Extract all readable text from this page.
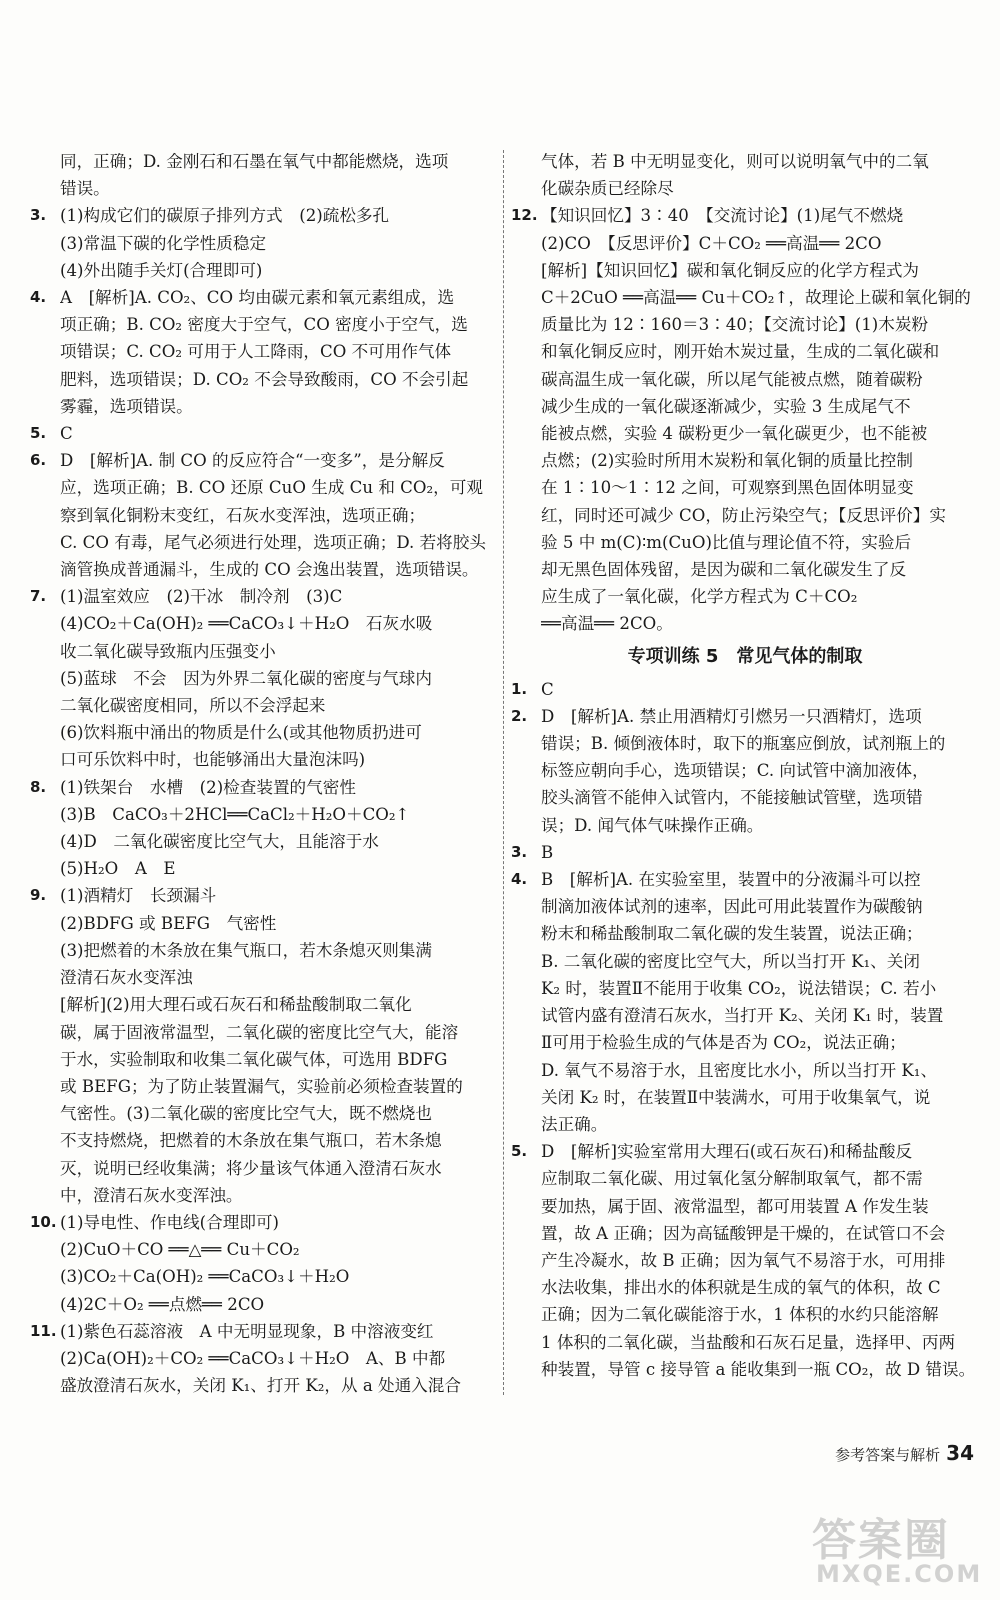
同，正确；D. 金刚石和石墨在氧气中都能燃烧，选项
错误。
3. (1)构成它们的碳原子排列方式　(2)疏松多孔
(3)常温下碳的化学性质稳定
(4)外出随手关灯(合理即可)
4. A　[解析]A. CO₂、CO 均由碳元素和氧元素组成，选
项正确；B. CO₂ 密度大于空气，CO 密度小于空气，选
项错误；C. CO₂ 可用于人工降雨，CO 不可用作气体
肥料，选项错误；D. CO₂ 不会导致酸雨，CO 不会引起
雾霾，选项错误。
5. C
6. D　[解析]A. 制 CO 的反应符合“一变多”，是分解反
应，选项正确；B. CO 还原 CuO 生成 Cu 和 CO₂，可观
察到氧化铜粉末变红，石灰水变浑浊，选项正确；
C. CO 有毒，尾气必须进行处理，选项正确；D. 若将胶头
滴管换成普通漏斗，生成的 CO 会逸出装置，选项错误。
7. (1)温室效应　(2)干冰　制冷剂　(3)C
(4)CO₂＋Ca(OH)₂ ══CaCO₃↓＋H₂O　石灰水吸
收二氧化碳导致瓶内压强变小
(5)蓝球　不会　因为外界二氧化碳的密度与气球内
二氧化碳密度相同，所以不会浮起来
(6)饮料瓶中涌出的物质是什么(或其他物质扔进可
口可乐饮料中时，也能够涌出大量泡沫吗)
8. (1)铁架台　水槽　(2)检查装置的气密性
(3)B　CaCO₃＋2HCl══CaCl₂＋H₂O＋CO₂↑
(4)D　二氧化碳密度比空气大，且能溶于水
(5)H₂O　A　E
9. (1)酒精灯　长颈漏斗
(2)BDFG 或 BEFG　气密性
(3)把燃着的木条放在集气瓶口，若木条熄灭则集满
澄清石灰水变浑浊
[解析](2)用大理石或石灰石和稀盐酸制取二氧化
碳，属于固液常温型，二氧化碳的密度比空气大，能溶
于水，实验制取和收集二氧化碳气体，可选用 BDFG
或 BEFG；为了防止装置漏气，实验前必须检查装置的
气密性。(3)二氧化碳的密度比空气大，既不燃烧也
不支持燃烧，把燃着的木条放在集气瓶口，若木条熄
灭，说明已经收集满；将少量该气体通入澄清石灰水
中，澄清石灰水变浑浊。
10. (1)导电性、作电线(合理即可)
(2)CuO＋CO ══△══ Cu＋CO₂
(3)CO₂＋Ca(OH)₂ ══CaCO₃↓＋H₂O
(4)2C＋O₂ ══点燃══ 2CO
11. (1)紫色石蕊溶液　A 中无明显现象，B 中溶液变红
(2)Ca(OH)₂＋CO₂ ══CaCO₃↓＋H₂O　A、B 中都
盛放澄清石灰水，关闭 K₁、打开 K₂，从 a 处通入混合
气体，若 B 中无明显变化，则可以说明氧气中的二氧
化碳杂质已经除尽
12. 【知识回忆】3∶40　【交流讨论】(1)尾气不燃烧
(2)CO　【反思评价】C＋CO₂ ══高温══ 2CO
[解析]【知识回忆】碳和氧化铜反应的化学方程式为
C＋2CuO ══高温══ Cu＋CO₂↑，故理论上碳和氧化铜的
质量比为 12∶160＝3∶40；【交流讨论】(1)木炭粉
和氧化铜反应时，刚开始木炭过量，生成的二氧化碳和
碳高温生成一氧化碳，所以尾气能被点燃，随着碳粉
减少生成的一氧化碳逐渐减少，实验 3 生成尾气不
能被点燃，实验 4 碳粉更少一氧化碳更少，也不能被
点燃；(2)实验时所用木炭粉和氧化铜的质量比控制
在 1∶10～1∶12 之间，可观察到黑色固体明显变
红，同时还可减少 CO，防止污染空气；【反思评价】实
验 5 中 m(C)∶m(CuO)比值与理论值不符，实验后
却无黑色固体残留，是因为碳和二氧化碳发生了反
应生成了一氧化碳，化学方程式为 C＋CO₂
══高温══ 2CO。
专项训练 5　常见气体的制取
1. C
2. D　[解析]A. 禁止用酒精灯引燃另一只酒精灯，选项
错误；B. 倾倒液体时，取下的瓶塞应倒放，试剂瓶上的
标签应朝向手心，选项错误；C. 向试管中滴加液体，
胶头滴管不能伸入试管内，不能接触试管壁，选项错
误；D. 闻气体气味操作正确。
3. B
4. B　[解析]A. 在实验室里，装置中的分液漏斗可以控
制滴加液体试剂的速率，因此可用此装置作为碳酸钠
粉末和稀盐酸制取二氧化碳的发生装置，说法正确；
B. 二氧化碳的密度比空气大，所以当打开 K₁、关闭
K₂ 时，装置Ⅱ不能用于收集 CO₂，说法错误；C. 若小
试管内盛有澄清石灰水，当打开 K₂、关闭 K₁ 时，装置
Ⅱ可用于检验生成的气体是否为 CO₂，说法正确；
D. 氧气不易溶于水，且密度比水小，所以当打开 K₁、
关闭 K₂ 时，在装置Ⅱ中装满水，可用于收集氧气，说
法正确。
5. D　[解析]实验室常用大理石(或石灰石)和稀盐酸反
应制取二氧化碳、用过氧化氢分解制取氧气，都不需
要加热，属于固、液常温型，都可用装置 A 作发生装
置，故 A 正确；因为高锰酸钾是干燥的，在试管口不会
产生冷凝水，故 B 正确；因为氧气不易溶于水，可用排
水法收集，排出水的体积就是生成的氧气的体积，故 C
正确；因为二氧化碳能溶于水，1 体积的水约只能溶解
1 体积的二氧化碳，当盐酸和石灰石足量，选择甲、丙两
种装置，导管 c 接导管 a 能收集到一瓶 CO₂，故 D 错误。
参考答案与解析 34
答案圈
MXQE.COM
